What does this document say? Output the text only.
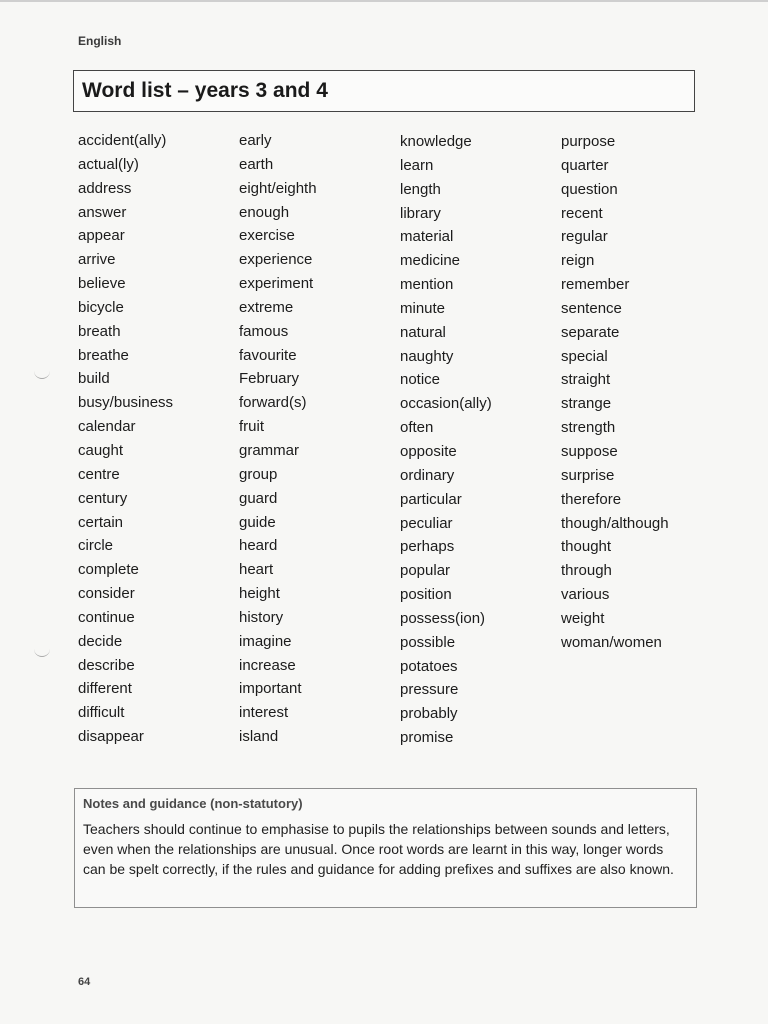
English
Word list – years 3 and 4
accident(ally)
actual(ly)
address
answer
appear
arrive
believe
bicycle
breath
breathe
build
busy/business
calendar
caught
centre
century
certain
circle
complete
consider
continue
decide
describe
different
difficult
disappear
early
earth
eight/eighth
enough
exercise
experience
experiment
extreme
famous
favourite
February
forward(s)
fruit
grammar
group
guard
guide
heard
heart
height
history
imagine
increase
important
interest
island
knowledge
learn
length
library
material
medicine
mention
minute
natural
naughty
notice
occasion(ally)
often
opposite
ordinary
particular
peculiar
perhaps
popular
position
possess(ion)
possible
potatoes
pressure
probably
promise
purpose
quarter
question
recent
regular
reign
remember
sentence
separate
special
straight
strange
strength
suppose
surprise
therefore
though/although
thought
through
various
weight
woman/women
Notes and guidance (non-statutory)
Teachers should continue to emphasise to pupils the relationships between sounds and letters, even when the relationships are unusual. Once root words are learnt in this way, longer words can be spelt correctly, if the rules and guidance for adding prefixes and suffixes are also known.
64
